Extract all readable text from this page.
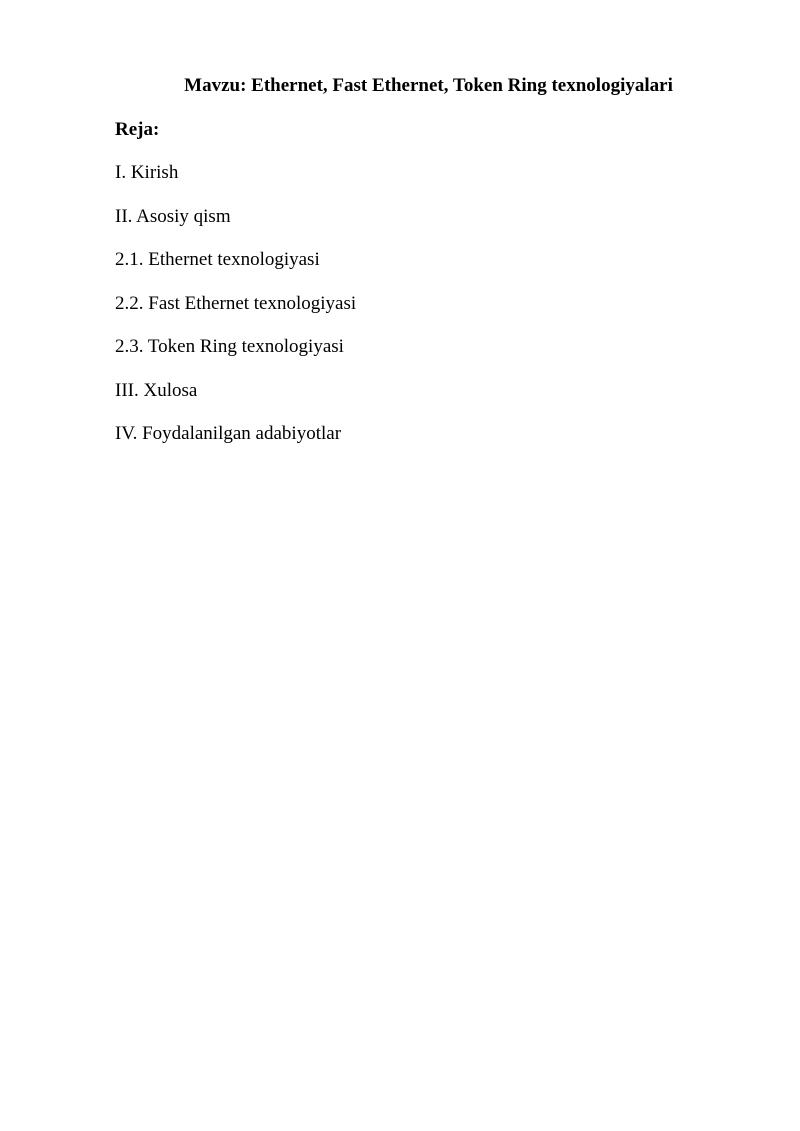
Mavzu: Ethernet, Fast Ethernet, Token Ring texnologiyalari
Reja:
I. Kirish
II. Asosiy qism
2.1. Ethernet texnologiyasi
2.2. Fast Ethernet texnologiyasi
2.3. Token Ring texnologiyasi
III. Xulosa
IV. Foydalanilgan adabiyotlar
